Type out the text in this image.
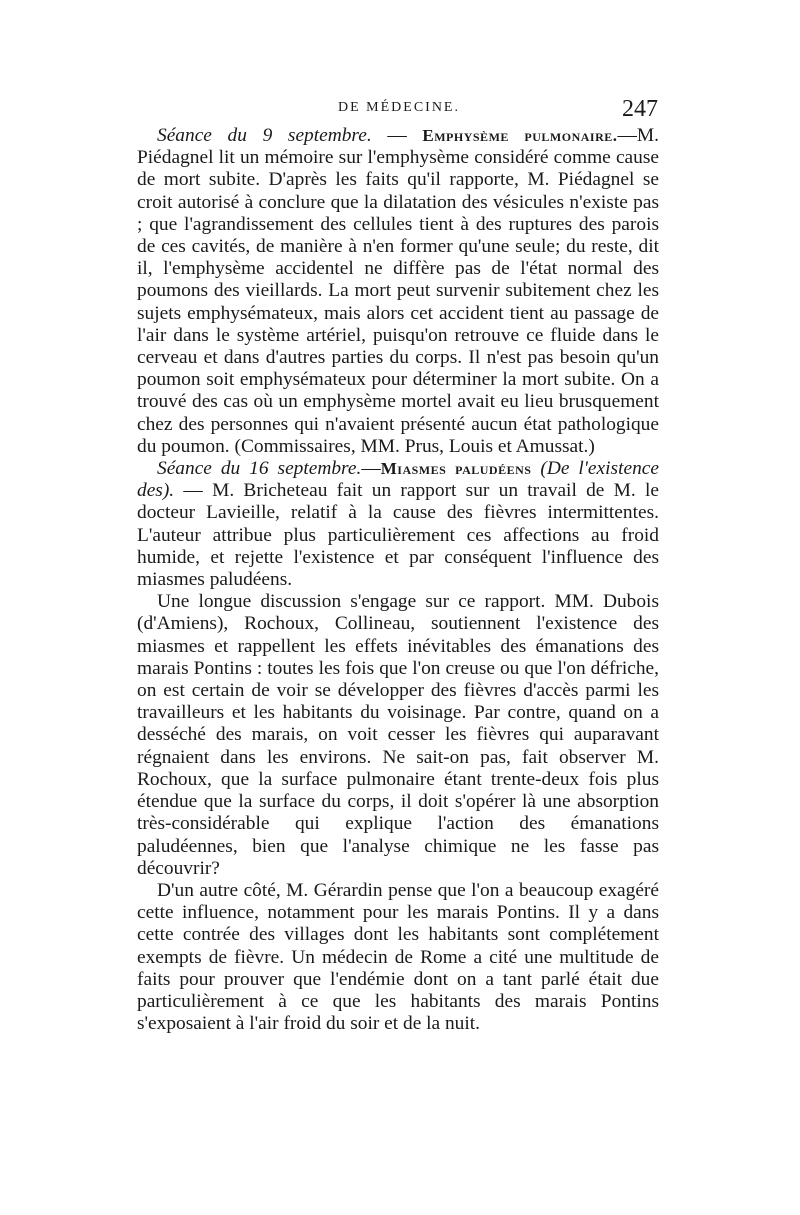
DE MÉDECINE.	247

Séance du 9 septembre. — Emphysème pulmonaire.—M. Piédagnel lit un mémoire sur l'emphysème considéré comme cause de mort subite. D'après les faits qu'il rapporte, M. Piédagnel se croit autorisé à conclure que la dilatation des vésicules n'existe pas ; que l'agrandissement des cellules tient à des ruptures des parois de ces cavités, de manière à n'en former qu'une seule; du reste, dit il, l'emphysème accidentel ne diffère pas de l'état normal des poumons des vieillards. La mort peut survenir subitement chez les sujets emphysémateux, mais alors cet accident tient au passage de l'air dans le système artériel, puisqu'on retrouve ce fluide dans le cerveau et dans d'autres parties du corps. Il n'est pas besoin qu'un poumon soit emphysémateux pour déterminer la mort subite. On a trouvé des cas où un emphysème mortel avait eu lieu brusquement chez des personnes qui n'avaient présenté aucun état pathologique du poumon. (Commissaires, MM. Prus, Louis et Amussat.)

Séance du 16 septembre.—Miasmes paludéens (De l'existence des). — M. Bricheteau fait un rapport sur un travail de M. le docteur Lavieille, relatif à la cause des fièvres intermittentes. L'auteur attribue plus particulièrement ces affections au froid humide, et rejette l'existence et par conséquent l'influence des miasmes paludéens.

Une longue discussion s'engage sur ce rapport. MM. Dubois (d'Amiens), Rochoux, Collineau, soutiennent l'existence des miasmes et rappellent les effets inévitables des émanations des marais Pontins : toutes les fois que l'on creuse ou que l'on défriche, on est certain de voir se développer des fièvres d'accès parmi les travailleurs et les habitants du voisinage. Par contre, quand on a desséché des marais, on voit cesser les fièvres qui auparavant régnaient dans les environs. Ne sait-on pas, fait observer M. Rochoux, que la surface pulmonaire étant trente-deux fois plus étendue que la surface du corps, il doit s'opérer là une absorption très-considérable qui explique l'action des émanations paludéennes, bien que l'analyse chimique ne les fasse pas découvrir?

D'un autre côté, M. Gérardin pense que l'on a beaucoup exagéré cette influence, notamment pour les marais Pontins. Il y a dans cette contrée des villages dont les habitants sont complétement exempts de fièvre. Un médecin de Rome a cité une multitude de faits pour prouver que l'endémie dont on a tant parlé était due particulièrement à ce que les habitants des marais Pontins s'exposaient à l'air froid du soir et de la nuit.
